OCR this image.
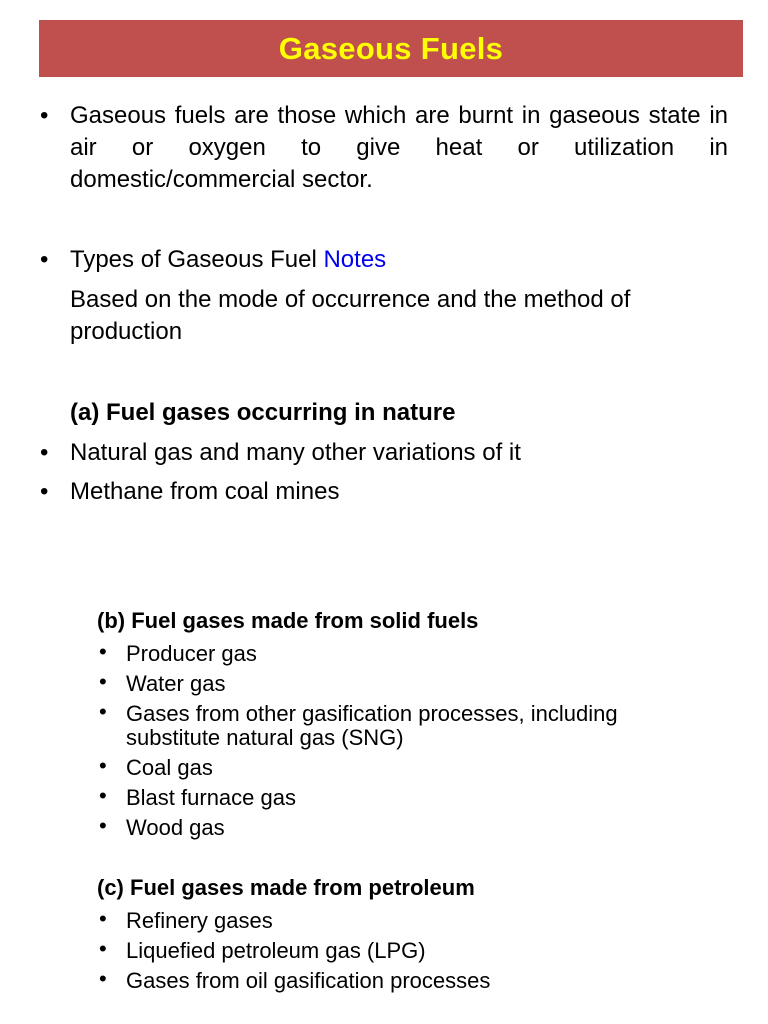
Gaseous Fuels
• Gaseous fuels are those which are burnt in gaseous state in air or oxygen to give heat or utilization in domestic/commercial sector.
• Types of Gaseous Fuel Notes
Based on the mode of occurrence and the method of production
(a) Fuel gases occurring in nature
• Natural gas and many other variations of it
• Methane from coal mines
(b) Fuel gases made from solid fuels
• Producer gas
• Water gas
• Gases from other gasification processes, including substitute natural gas (SNG)
• Coal gas
• Blast furnace gas
• Wood gas
(c) Fuel gases made from petroleum
• Refinery gases
• Liquefied petroleum gas (LPG)
• Gases from oil gasification processes
